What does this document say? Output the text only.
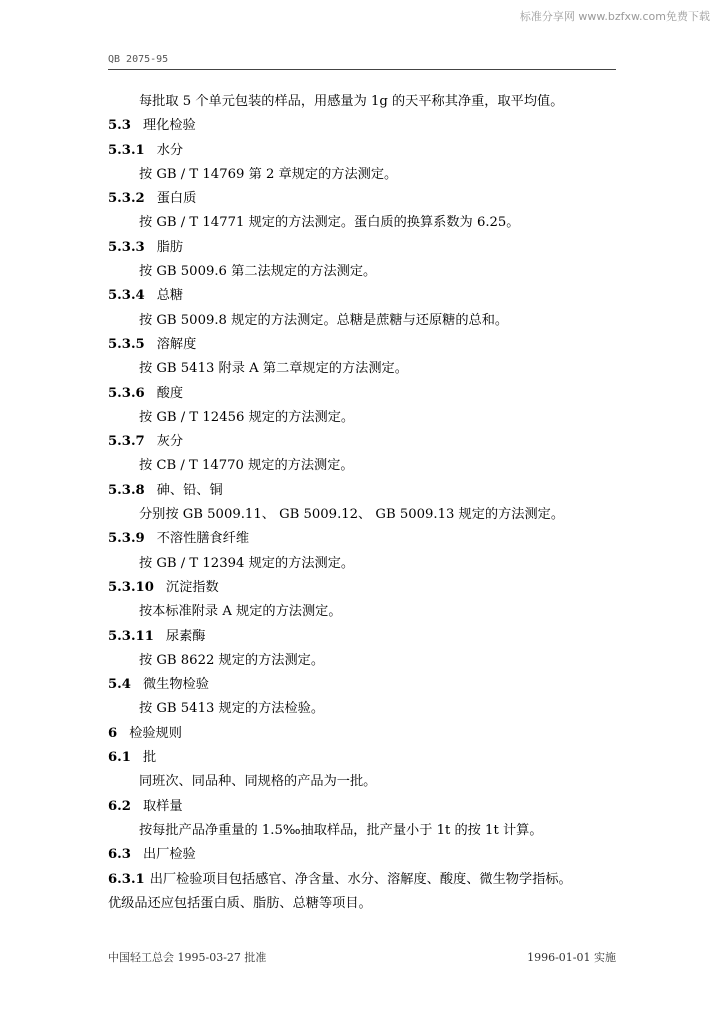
标准分享网 www.bzfxw.com免费下载
QB 2075-95
每批取 5 个单元包装的样品，用感量为 1g 的天平称其净重，取平均值。
5.3 理化检验
5.3.1 水分
按 GB / T 14769 第 2 章规定的方法测定。
5.3.2 蛋白质
按 GB / T 14771 规定的方法测定。蛋白质的换算系数为 6.25。
5.3.3 脂肪
按 GB 5009.6 第二法规定的方法测定。
5.3.4 总糖
按 GB 5009.8 规定的方法测定。总糖是蔗糖与还原糖的总和。
5.3.5 溶解度
按 GB 5413 附录 A 第二章规定的方法测定。
5.3.6 酸度
按 GB / T 12456 规定的方法测定。
5.3.7 灰分
按 CB / T 14770 规定的方法测定。
5.3.8 砷、铅、铜
分别按 GB 5009.11、 GB 5009.12、 GB 5009.13 规定的方法测定。
5.3.9 不溶性膳食纤维
按 GB / T 12394 规定的方法测定。
5.3.10 沉淀指数
按本标准附录 A 规定的方法测定。
5.3.11 尿素酶
按 GB 8622 规定的方法测定。
5.4 微生物检验
按 GB 5413 规定的方法检验。
6 检验规则
6.1 批
同班次、同品种、同规格的产品为一批。
6.2 取样量
按每批产品净重量的 1.5‰抽取样品，批产量小于 1t 的按 1t 计算。
6.3 出厂检验
6.3.1 出厂检验项目包括感官、净含量、水分、溶解度、酸度、微生物学指标。
优级品还应包括蛋白质、脂肪、总糖等项目。
中国轻工总会 1995-03-27 批准	1996-01-01 实施
